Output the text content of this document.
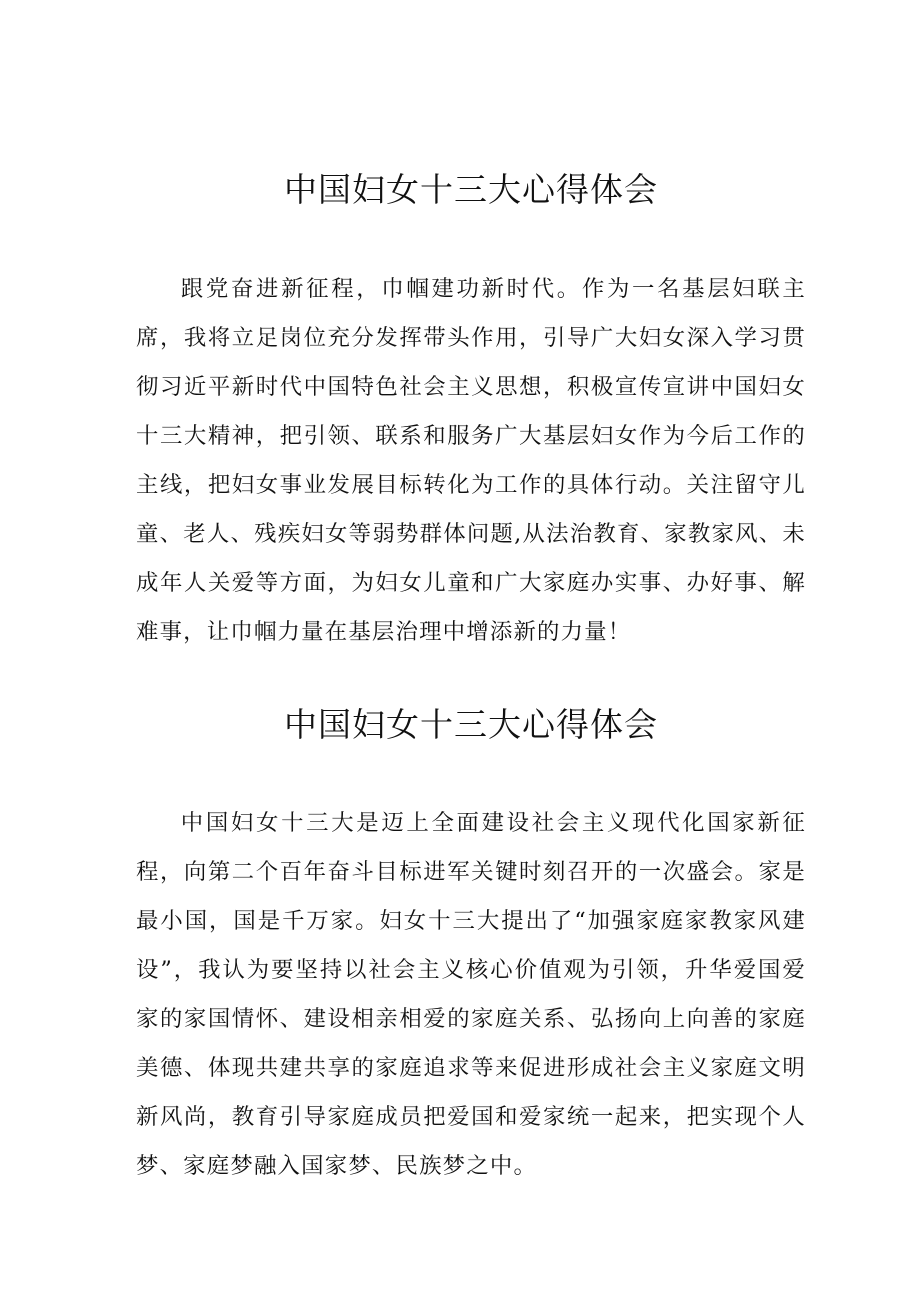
中国妇女十三大心得体会

跟党奋进新征程，巾帼建功新时代。作为一名基层妇联主席，我将立足岗位充分发挥带头作用，引导广大妇女深入学习贯彻习近平新时代中国特色社会主义思想，积极宣传宣讲中国妇女十三大精神，把引领、联系和服务广大基层妇女作为今后工作的主线，把妇女事业发展目标转化为工作的具体行动。关注留守儿童、老人、残疾妇女等弱势群体问题,从法治教育、家教家风、未成年人关爱等方面，为妇女儿童和广大家庭办实事、办好事、解难事，让巾帼力量在基层治理中增添新的力量！

中国妇女十三大心得体会

中国妇女十三大是迈上全面建设社会主义现代化国家新征程，向第二个百年奋斗目标进军关键时刻召开的一次盛会。家是最小国，国是千万家。妇女十三大提出了“加强家庭家教家风建设”，我认为要坚持以社会主义核心价值观为引领，升华爱国爱家的家国情怀、建设相亲相爱的家庭关系、弘扬向上向善的家庭美德、体现共建共享的家庭追求等来促进形成社会主义家庭文明新风尚，教育引导家庭成员把爱国和爱家统一起来，把实现个人梦、家庭梦融入国家梦、民族梦之中。
